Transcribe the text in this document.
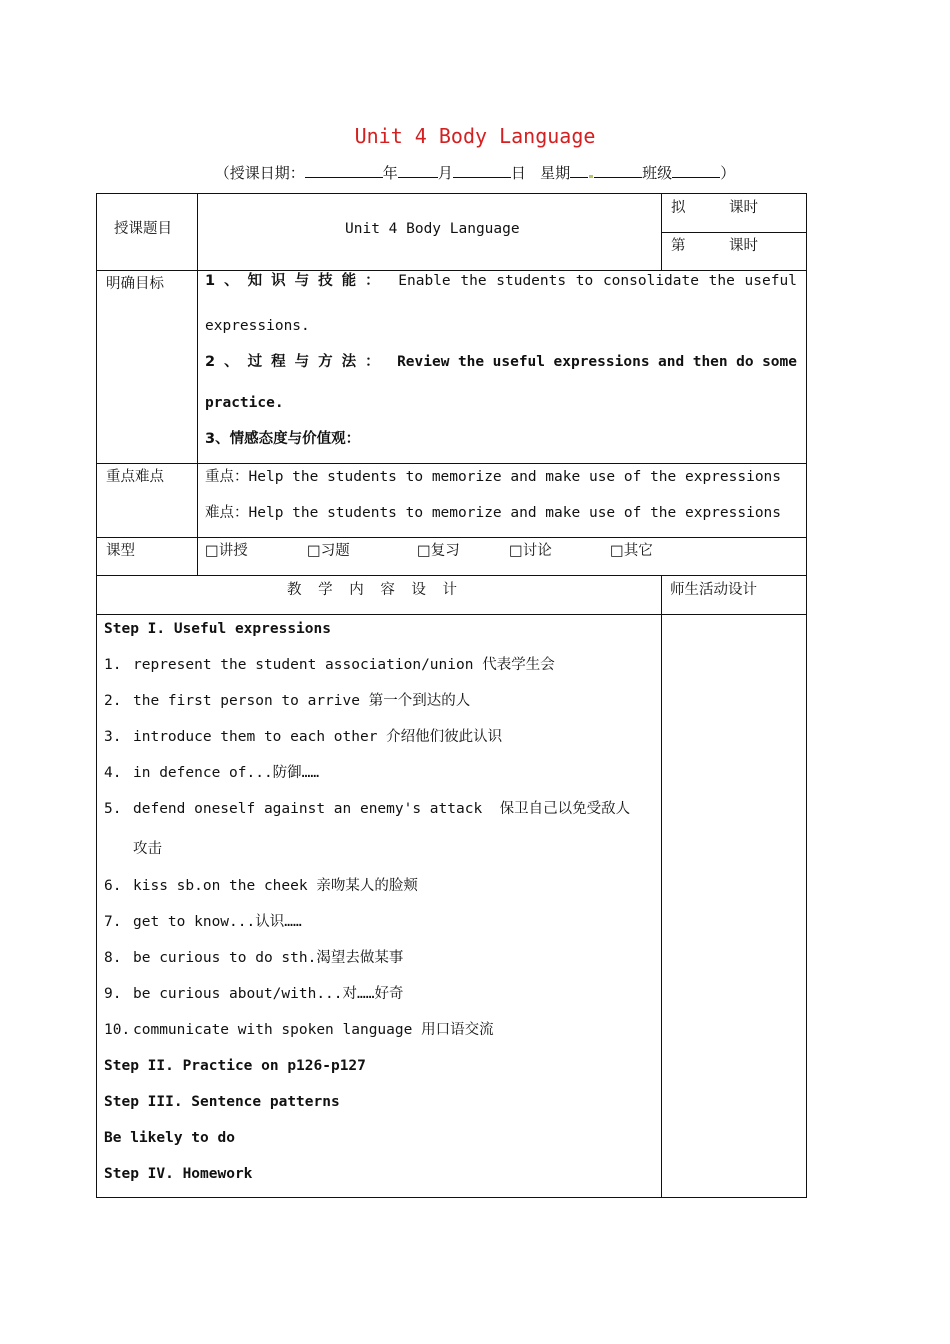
Unit 4 Body Language
（授课日期：	年	月	日 星期	班级	）
授课题目	Unit 4 Body Language
拟	课时
第	课时
明确目标	1、知识与技能： Enable the students to consolidate the useful
expressions.
2、过程与方法： Review the useful expressions and then do some
practice.
3、情感态度与价值观：
重点难点	重点：Help the students to memorize and make use of the expressions
难点：Help the students to memorize and make use of the expressions
课型	□讲授	□习题	□复习	□讨论	□其它
教 学 内 容 设 计	师生活动设计
Step I. Useful expressions
1. represent the student association/union 代表学生会
2. the first person to arrive 第一个到达的人
3. introduce them to each other 介绍他们彼此认识
4. in defence of...防御……
5. defend oneself against an enemy's attack  保卫自己以免受敌人
攻击
6. kiss sb.on the cheek 亲吻某人的脸颊
7. get to know...认识……
8. be curious to do sth.渴望去做某事
9. be curious about/with...对……好奇
10. communicate with spoken language 用口语交流
Step II. Practice on p126-p127
Step III. Sentence patterns
Be likely to do
Step IV. Homework
